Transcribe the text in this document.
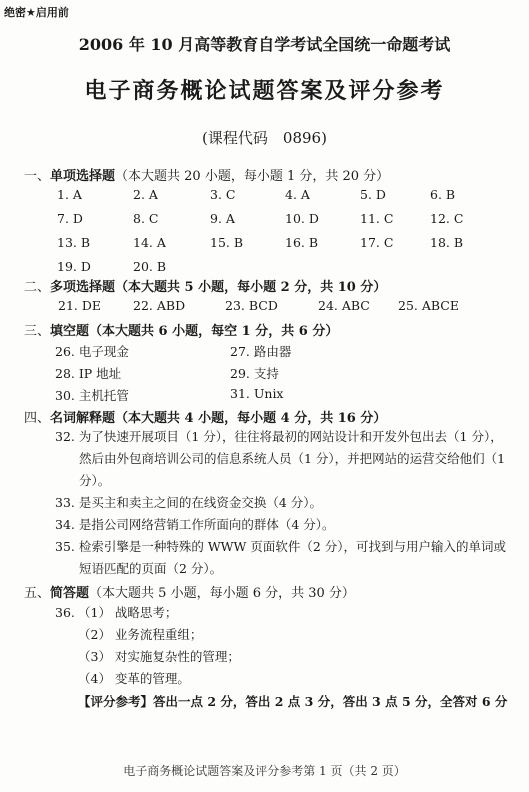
绝密★启用前
2006 年 10 月高等教育自学考试全国统一命题考试
电子商务概论试题答案及评分参考
(课程代码　0896)
一、单项选择题（本大题共 20 小题，每小题 1 分，共 20 分）
1. A	2. A	3. C	4. A	5. D	6. B
7. D	8. C	9. A	10. D	11. C	12. C
13. B	14. A	15. B	16. B	17. C	18. B
19. D	20. B
二、多项选择题（本大题共 5 小题，每小题 2 分，共 10 分）
21. DE	22. ABD	23. BCD	24. ABC 25. ABCE
三、填空题（本大题共 6 小题，每空 1 分，共 6 分）
26. 电子现金	27. 路由器
28. IP 地址	29. 支持
30. 主机托管	31. Unix
四、名词解释题（本大题共 4 小题，每小题 4 分，共 16 分）
32. 为了快速开展项目（1 分），往往将最初的网站设计和开发外包出去（1 分），
然后由外包商培训公司的信息系统人员（1 分），并把网站的运营交给他们（1
分）。
33. 是买主和卖主之间的在线资金交换（4 分）。
34. 是指公司网络营销工作所面向的群体（4 分）。
35. 检索引擎是一种特殊的 WWW 页面软件（2 分），可找到与用户输入的单词或
短语匹配的页面（2 分）。
五、简答题（本大题共 5 小题，每小题 6 分，共 30 分）
36. （1） 战略思考；
（2） 业务流程重组；
（3） 对实施复杂性的管理；
（4） 变革的管理。
【评分参考】答出一点 2 分，答出 2 点 3 分，答出 3 点 5 分，全答对 6 分
电子商务概论试题答案及评分参考第 1 页（共 2 页）
